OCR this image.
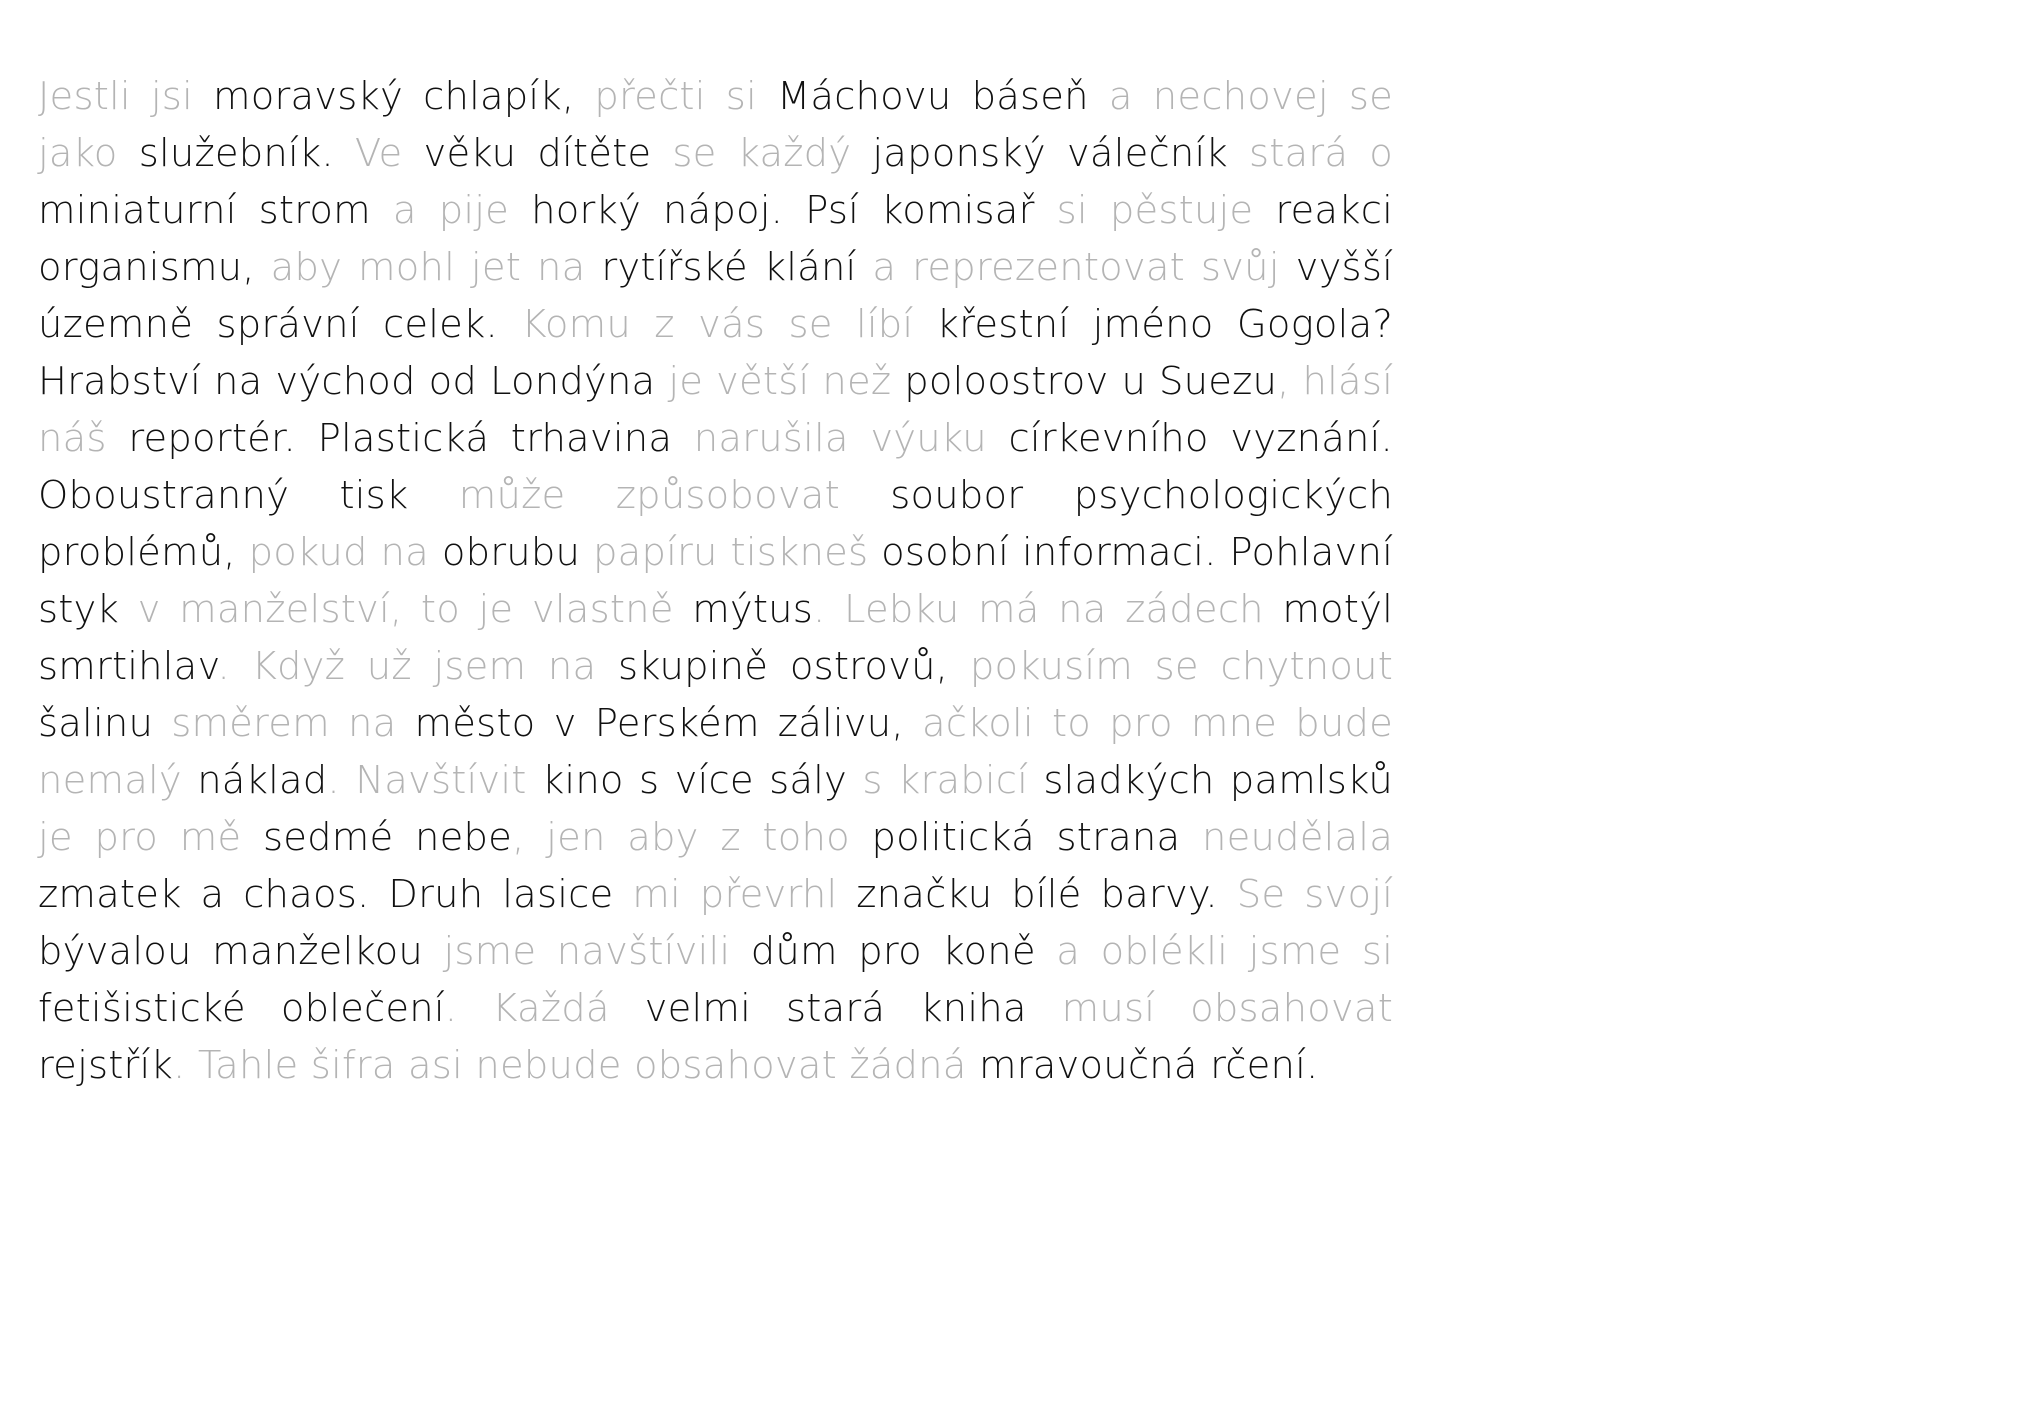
Jestli jsi moravský chlapík, přečti si Máchovu báseň a nechovej se jako služebník. Ve věku dítěte se každý japonský válečník stará o miniaturní strom a pije horký nápoj. Psí komisař si pěstuje reakci organismu, aby mohl jet na rytířské klání a reprezentovat svůj vyšší územně správní celek. Komu z vás se líbí křestní jméno Gogola? Hrabství na východ od Londýna je větší než poloostrov u Suezu, hlásí náš reportér. Plastická trhavina narušila výuku církevního vyznání. Oboustranný tisk může způsobovat soubor psychologických problémů, pokud na obrubu papíru tiskneš osobní informaci. Pohlavní styk v manželství, to je vlastně mýtus. Lebku má na zádech motýl smrtihlav. Když už jsem na skupině ostrovů, pokusím se chytnout šalinu směrem na město v Perském zálivu, ačkoli to pro mne bude nemalý náklad. Navštívit kino s více sály s krabicí sladkých pamlsků je pro mě sedmé nebe, jen aby z toho politická strana neudělala zmatek a chaos. Druh lasice mi převrhl značku bílé barvy. Se svojí bývalou manželkou jsme navštívili dům pro koně a oblékli jsme si fetišistické oblečení. Každá velmi stará kniha musí obsahovat rejstřík. Tahle šifra asi nebude obsahovat žádná mravoučná rčení.
